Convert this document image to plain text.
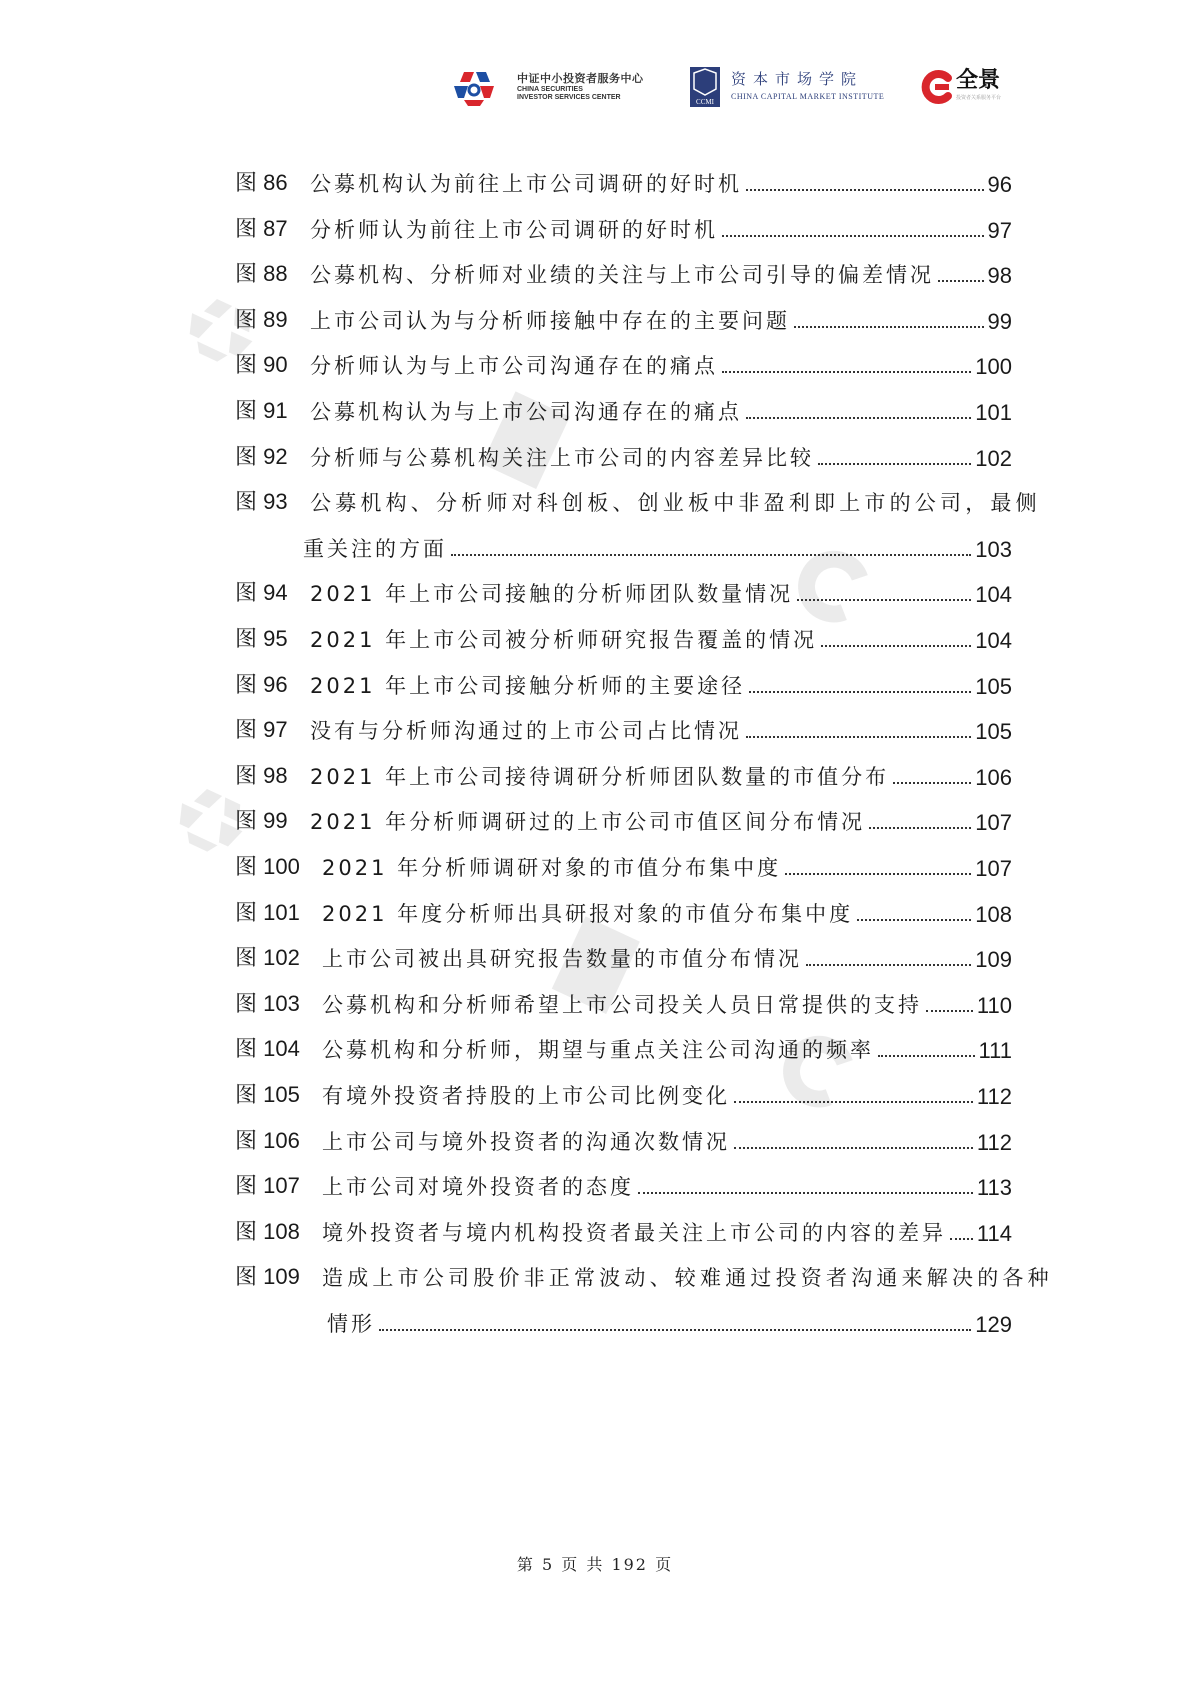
中证中小投资者服务中心
CHINA SECURITIES
INVESTOR SERVICES CENTER
CCMI
资本市场学院
CHINA CAPITAL MARKET INSTITUTE
全景
投资者关系服务平台
图 86 公募机构认为前往上市公司调研的好时机	96
图 87 分析师认为前往上市公司调研的好时机	97
图 88 公募机构、分析师对业绩的关注与上市公司引导的偏差情况 98
图 89 上市公司认为与分析师接触中存在的主要问题	99
图 90 分析师认为与上市公司沟通存在的痛点	100
图 91 公募机构认为与上市公司沟通存在的痛点	101
图 92 分析师与公募机构关注上市公司的内容差异比较	102
图 93 公募机构、分析师对科创板、创业板中非盈利即上市的公司，最侧
重关注的方面	103
图 94 2021 年上市公司接触的分析师团队数量情况	104
图 95 2021 年上市公司被分析师研究报告覆盖的情况	104
图 96 2021 年上市公司接触分析师的主要途径	105
图 97 没有与分析师沟通过的上市公司占比情况	105
图 98 2021 年上市公司接待调研分析师团队数量的市值分布	106
图 99 2021 年分析师调研过的上市公司市值区间分布情况	107
图 100 2021 年分析师调研对象的市值分布集中度	107
图 101 2021 年度分析师出具研报对象的市值分布集中度	108
图 102 上市公司被出具研究报告数量的市值分布情况	109
图 103 公募机构和分析师希望上市公司投关人员日常提供的支持 110
图 104 公募机构和分析师，期望与重点关注公司沟通的频率	111
图 105 有境外投资者持股的上市公司比例变化	112
图 106 上市公司与境外投资者的沟通次数情况	112
图 107 上市公司对境外投资者的态度	113
图 108 境外投资者与境内机构投资者最关注上市公司的内容的差异 114
图 109 造成上市公司股价非正常波动、较难通过投资者沟通来解决的各种
情形	129
第 5 页 共 192 页
